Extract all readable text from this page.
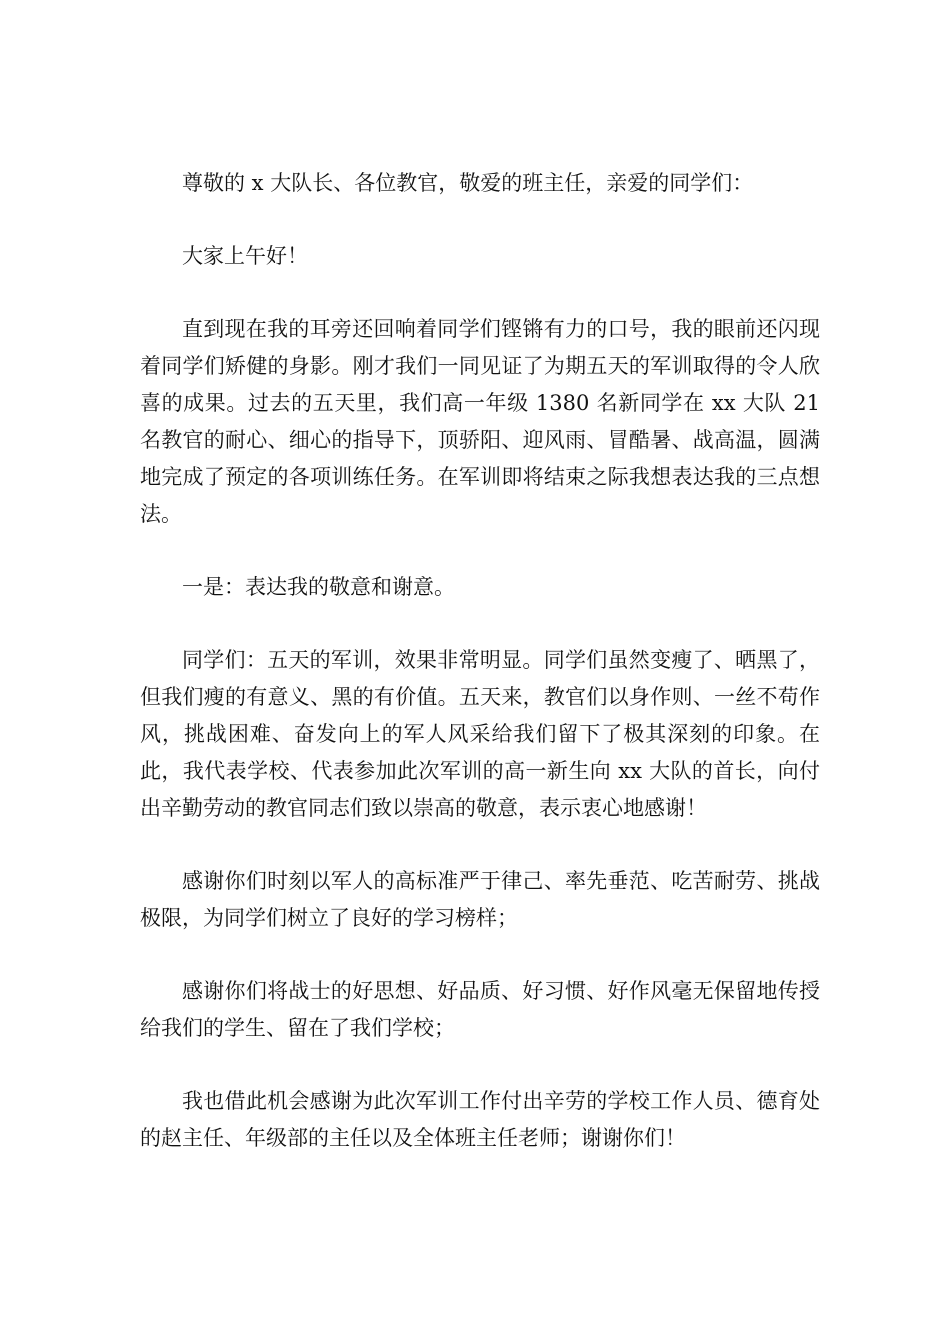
尊敬的 x 大队长、各位教官，敬爱的班主任，亲爱的同学们：

大家上午好！

直到现在我的耳旁还回响着同学们铿锵有力的口号，我的眼前还闪现着同学们矫健的身影。刚才我们一同见证了为期五天的军训取得的令人欣喜的成果。过去的五天里，我们高一年级 1380 名新同学在 xx 大队 21 名教官的耐心、细心的指导下，顶骄阳、迎风雨、冒酷暑、战高温，圆满地完成了预定的各项训练任务。在军训即将结束之际我想表达我的三点想法。

一是：表达我的敬意和谢意。

同学们：五天的军训，效果非常明显。同学们虽然变瘦了、晒黑了，但我们瘦的有意义、黑的有价值。五天来，教官们以身作则、一丝不苟作风，挑战困难、奋发向上的军人风采给我们留下了极其深刻的印象。在此，我代表学校、代表参加此次军训的高一新生向 xx 大队的首长，向付出辛勤劳动的教官同志们致以崇高的敬意，表示衷心地感谢！

感谢你们时刻以军人的高标准严于律己、率先垂范、吃苦耐劳、挑战极限，为同学们树立了良好的学习榜样；

感谢你们将战士的好思想、好品质、好习惯、好作风毫无保留地传授给我们的学生、留在了我们学校；

我也借此机会感谢为此次军训工作付出辛劳的学校工作人员、德育处的赵主任、年级部的主任以及全体班主任老师；谢谢你们！
